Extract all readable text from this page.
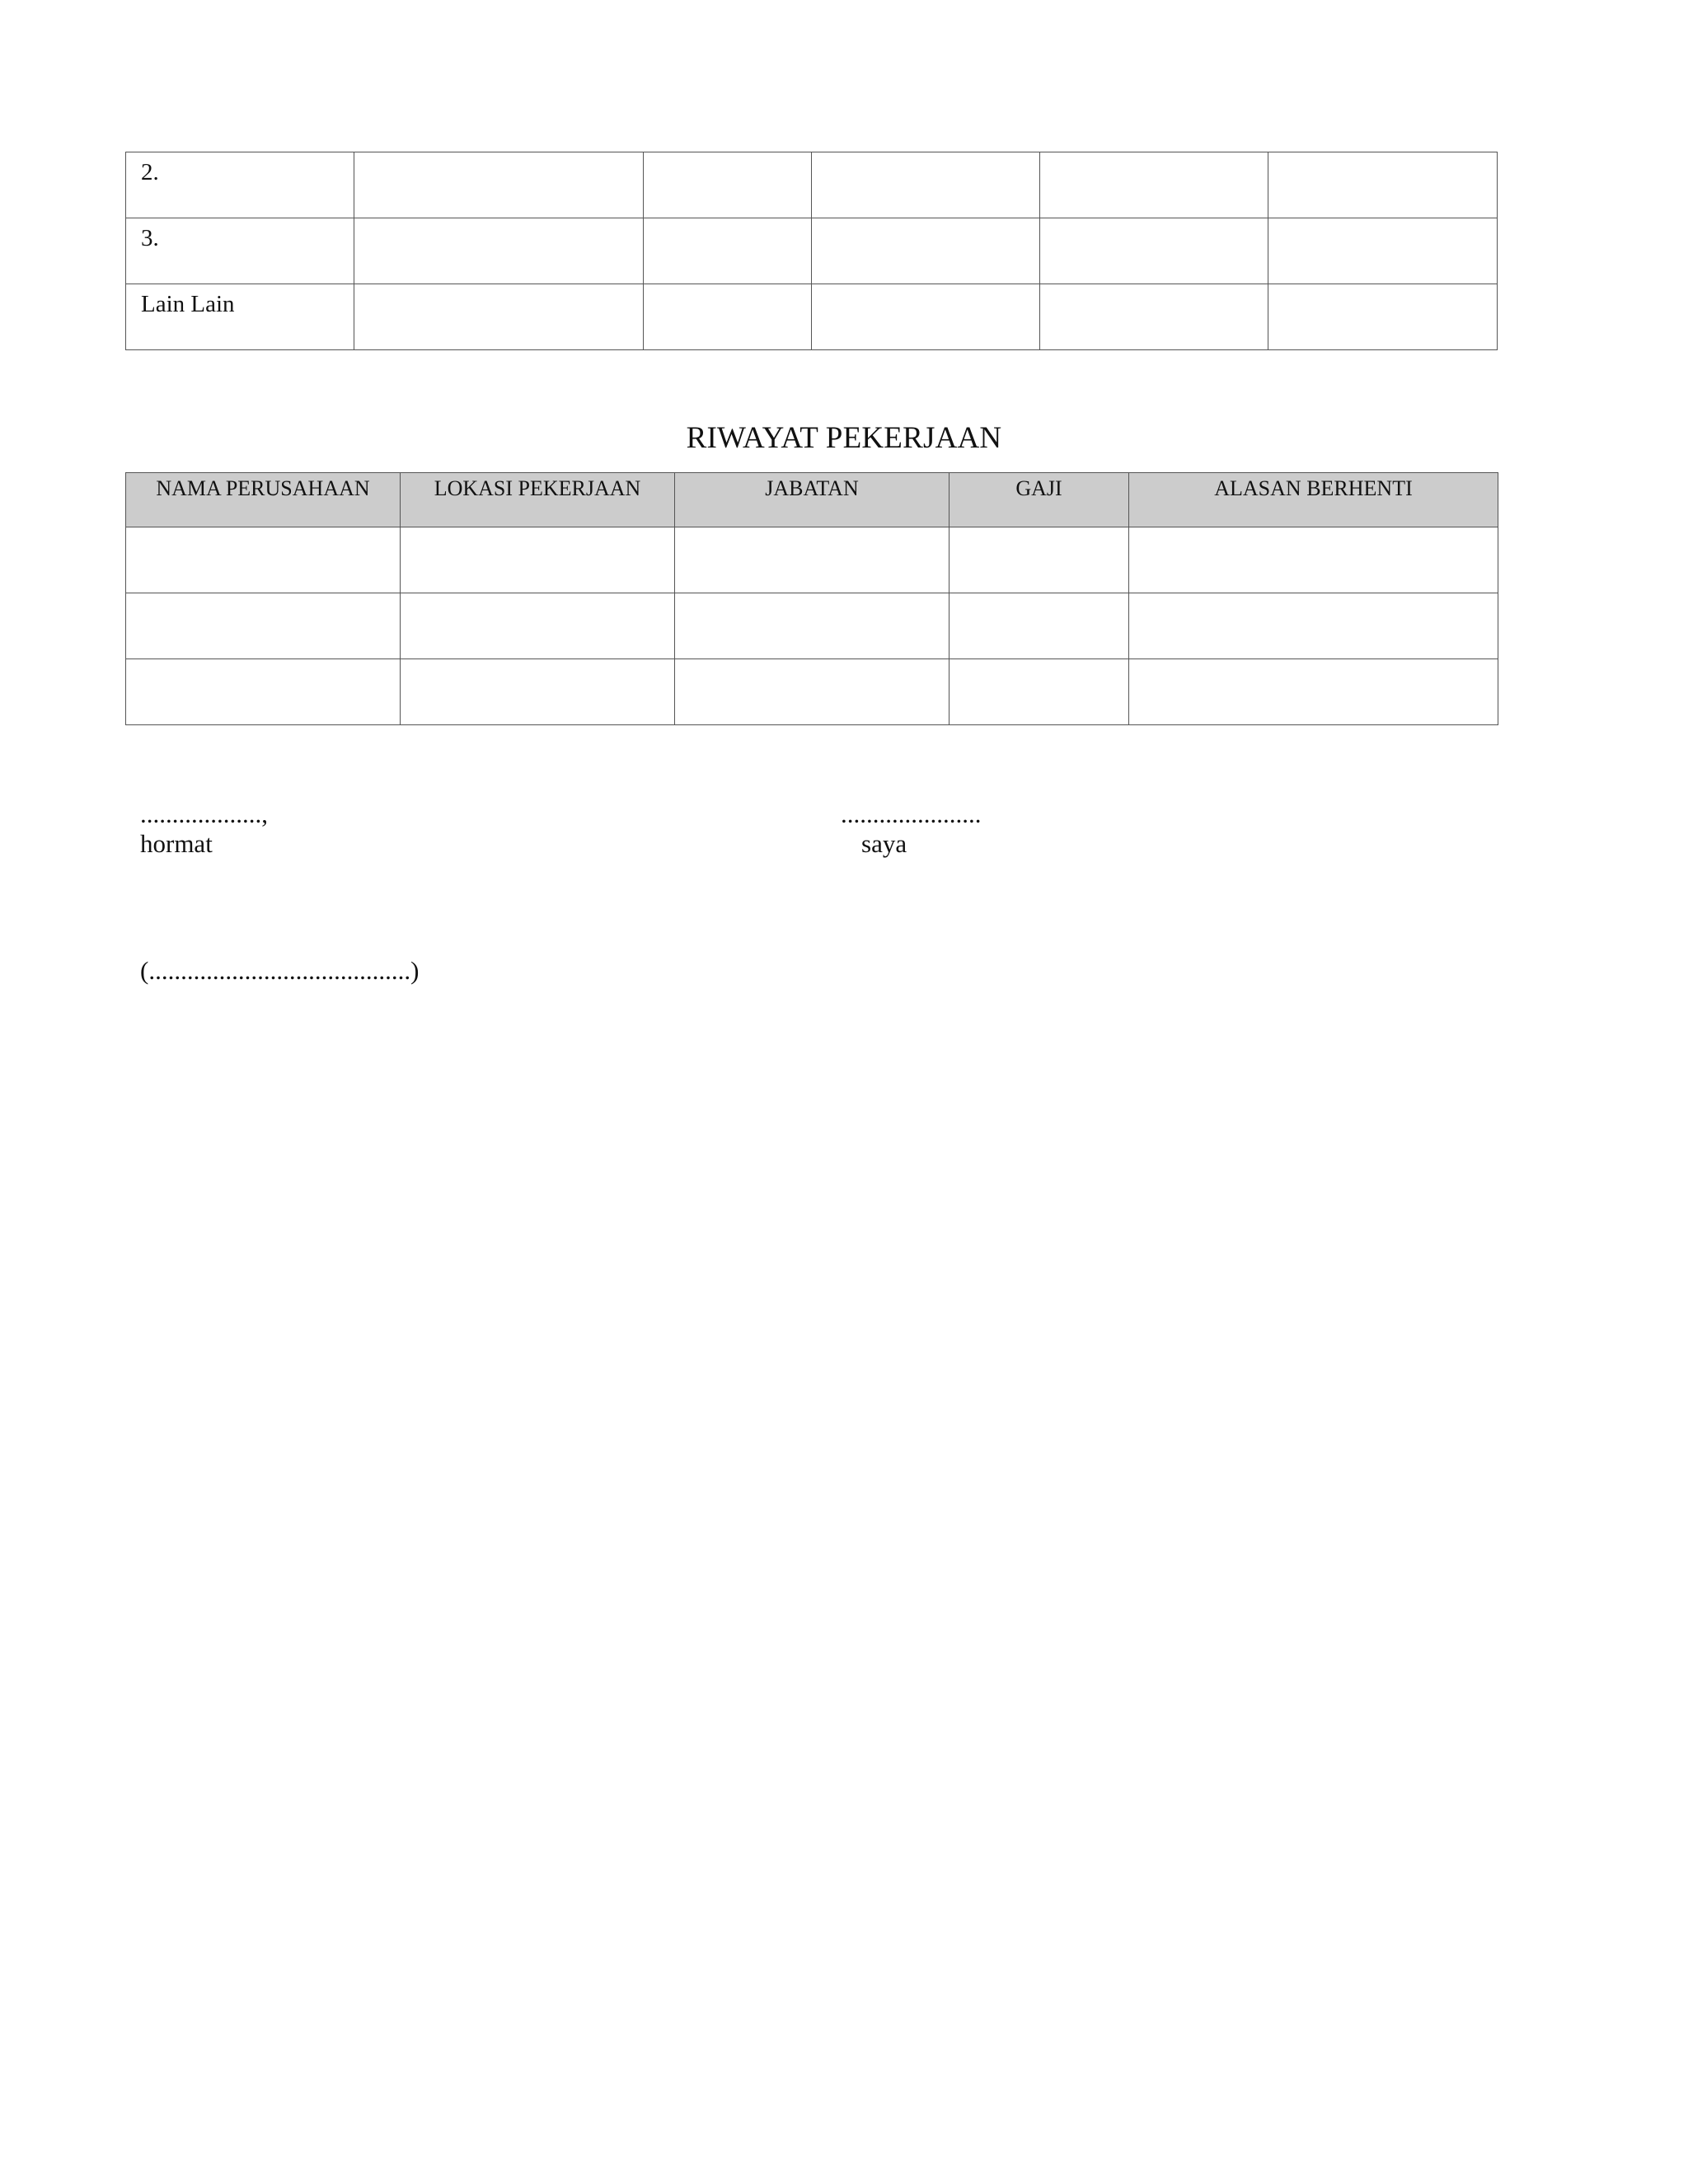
2.					
3.					
Lain Lain					
RIWAYAT PEKERJAAN
NAMA PERUSAHAAN	LOKASI PEKERJAAN	JABATAN	GAJI	ALASAN BERHENTI

...................,	......................
hormat	saya
(.........................................)
